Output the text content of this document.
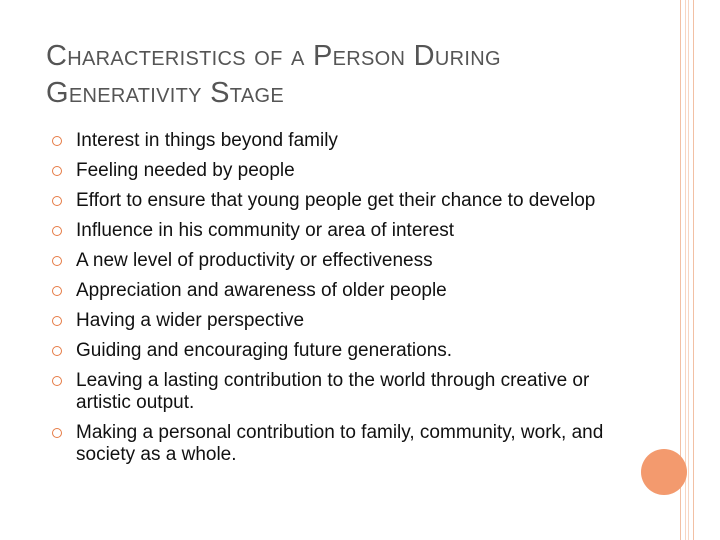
Characteristics of a Person During Generativity Stage
Interest in things beyond family
Feeling needed by people
Effort to ensure that young people get their chance to develop
Influence in his community or area of interest
A new level of productivity or effectiveness
Appreciation and awareness of older people
Having a wider perspective
Guiding and encouraging future generations.
Leaving a lasting contribution to the world through creative or artistic output.
Making a personal contribution to family, community, work, and society as a whole.
